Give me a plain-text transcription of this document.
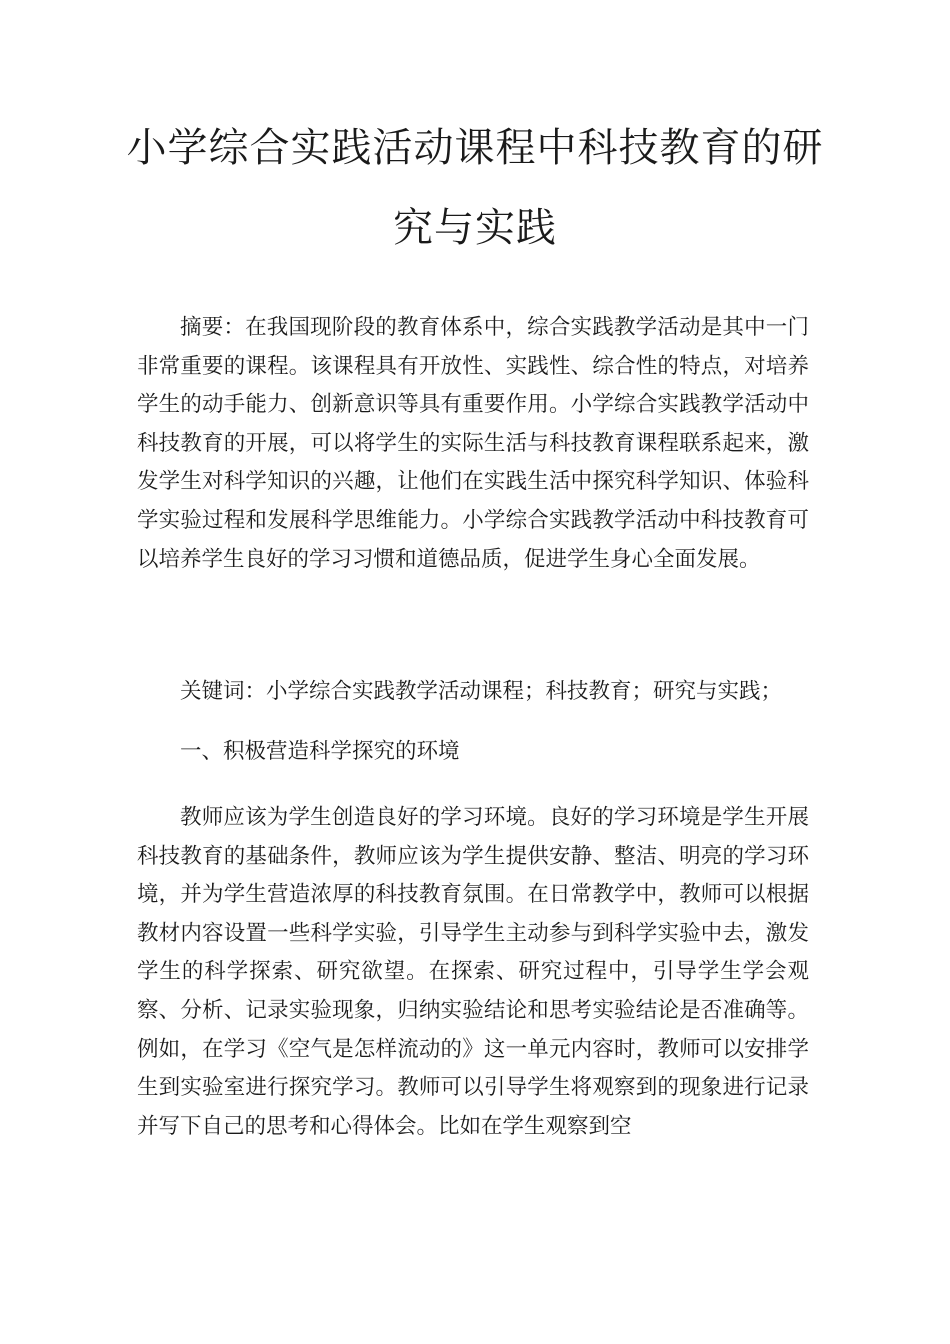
小学综合实践活动课程中科技教育的研究与实践

摘要：在我国现阶段的教育体系中，综合实践教学活动是其中一门非常重要的课程。该课程具有开放性、实践性、综合性的特点，对培养学生的动手能力、创新意识等具有重要作用。小学综合实践教学活动中科技教育的开展，可以将学生的实际生活与科技教育课程联系起来，激发学生对科学知识的兴趣，让他们在实践生活中探究科学知识、体验科学实验过程和发展科学思维能力。小学综合实践教学活动中科技教育可以培养学生良好的学习习惯和道德品质，促进学生身心全面发展。

关键词：小学综合实践教学活动课程；科技教育；研究与实践；

一、积极营造科学探究的环境

教师应该为学生创造良好的学习环境。良好的学习环境是学生开展科技教育的基础条件，教师应该为学生提供安静、整洁、明亮的学习环境，并为学生营造浓厚的科技教育氛围。在日常教学中，教师可以根据教材内容设置一些科学实验，引导学生主动参与到科学实验中去，激发学生的科学探索、研究欲望。在探索、研究过程中，引导学生学会观察、分析、记录实验现象，归纳实验结论和思考实验结论是否准确等。例如，在学习《空气是怎样流动的》这一单元内容时，教师可以安排学生到实验室进行探究学习。教师可以引导学生将观察到的现象进行记录并写下自己的思考和心得体会。比如在学生观察到空
